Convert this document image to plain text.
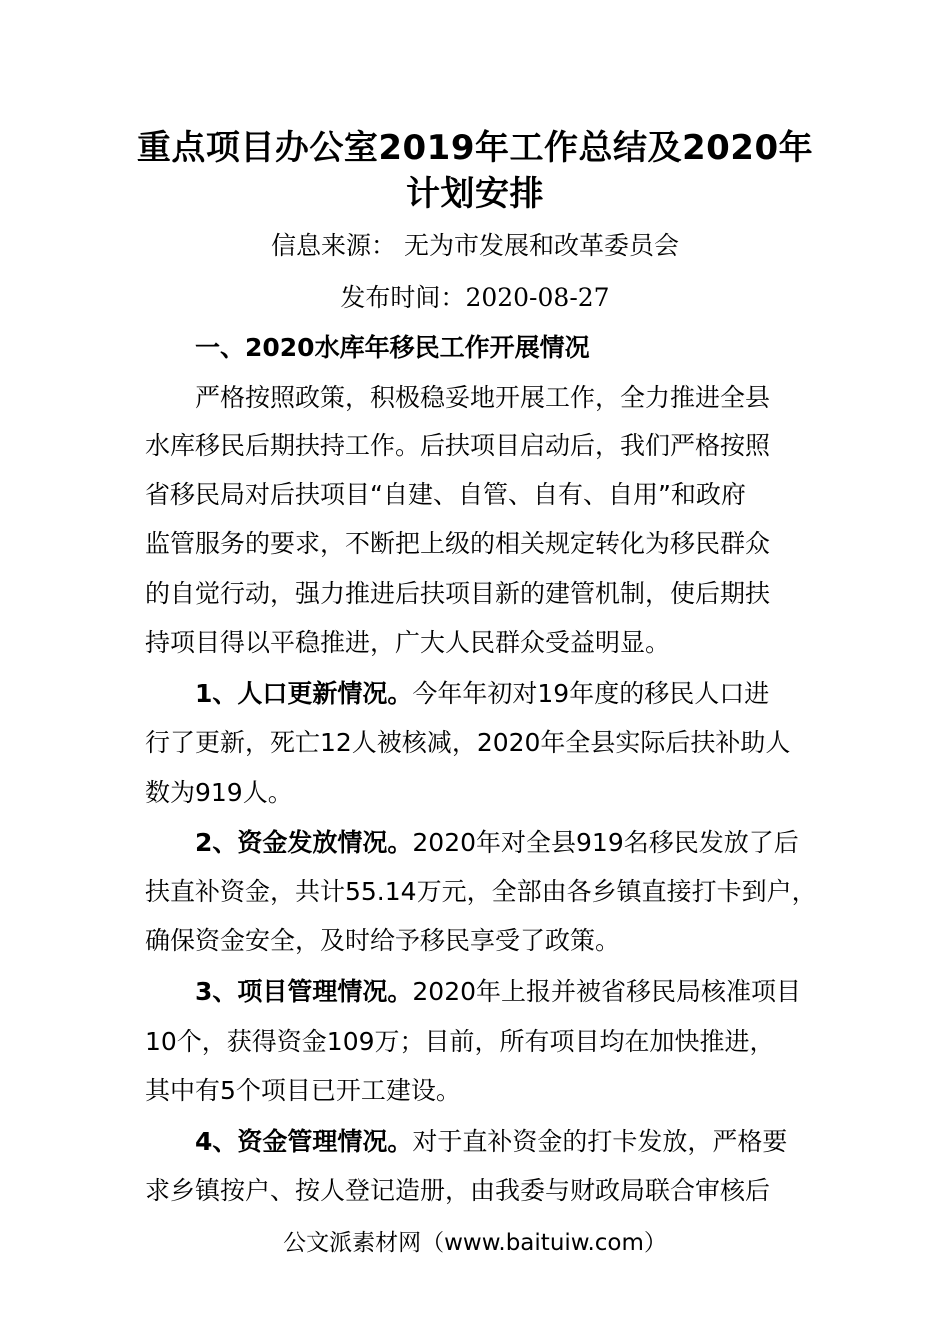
重点项目办公室2019年工作总结及2020年
计划安排
信息来源： 无为市发展和改革委员会
发布时间：2020-08-27
一、2020水库年移民工作开展情况
严格按照政策，积极稳妥地开展工作，全力推进全县
水库移民后期扶持工作。后扶项目启动后，我们严格按照
省移民局对后扶项目“自建、自管、自有、自用”和政府
监管服务的要求，不断把上级的相关规定转化为移民群众
的自觉行动，强力推进后扶项目新的建管机制，使后期扶
持项目得以平稳推进，广大人民群众受益明显。
1、人口更新情况。今年年初对19年度的移民人口进
行了更新，死亡12人被核减，2020年全县实际后扶补助人
数为919人。
2、资金发放情况。2020年对全县919名移民发放了后
扶直补资金，共计55.14万元，全部由各乡镇直接打卡到户，
确保资金安全，及时给予移民享受了政策。
3、项目管理情况。2020年上报并被省移民局核准项目
10个，获得资金109万；目前，所有项目均在加快推进，
其中有5个项目已开工建设。
4、资金管理情况。对于直补资金的打卡发放，严格要
求乡镇按户、按人登记造册，由我委与财政局联合审核后
公文派素材网（www.baituiw.com）
